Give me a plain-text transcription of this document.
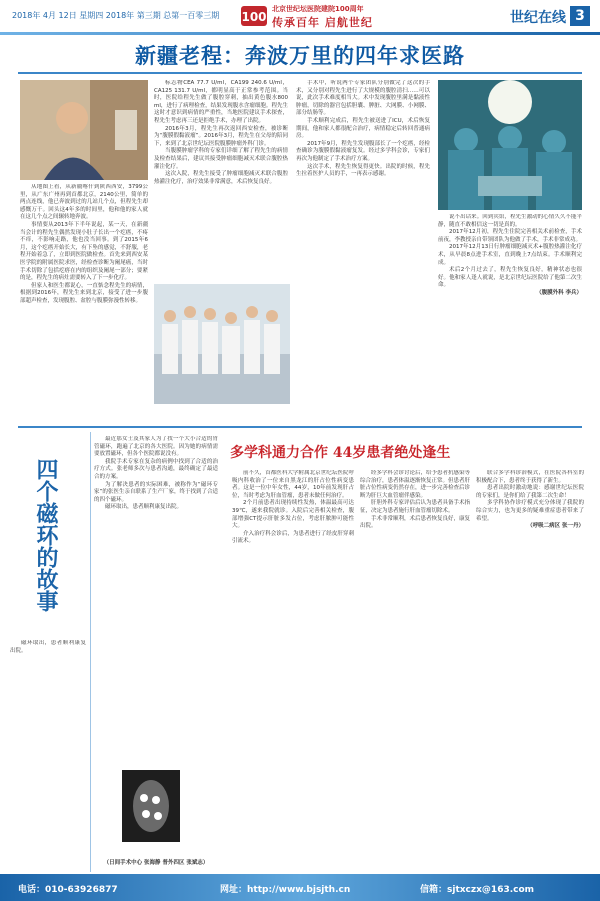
2018年 4月 12日 星期四 2018年 第三期 总第一百零三期 100
北京世纪坛医院建院100周年
传承百年 启航世纪	世纪在线 3
新疆老程：奔波万里的四年求医路

从地图上看，从新疆喀什到陕西西安，3799公里，从广东广州再到首都北京，2140公里，简单的两点连线，他已奔波到过的几站几个点，但程先生却感慨万千。回头这4年多的时间里，他和他的家人就在这几个点之间辗转地奔波。

事情要从2013年下半年说起，某一天，在新疆当会计的程先生偶然发现小肚子长出一个疙瘩，不疼不痒，不影响走路，他也没当回事。到了2015年6月，这个疙瘩开始长大，有下坠的感觉，不舒服，老程开始着急了，立即到医院做检查。首先来到西安某医学院的附属医院求医，经检查诊断为阑尾癌，当时手术切除了包括疙瘩在内的组织及阑尾一部分；要紧的是，程先生的病灶需要转入了下一步化疗。

但家人和医生都说心，一直惦念程先生的病情，根据到2016年，程先生来到北京，接受了进一步腹部超声检查，发现腹腔、盆腔与腹膜弥漫性转移。

标志物CEA 77.7 U/ml，CA199 240.6 U/ml，CA125 131.7 U/ml，都明显高于正常参考范围。当时，医院给程先生做了腹腔穿刺，抽出黄色腹水800 ml，进行了病理检查，结果发现腹水含瘤细胞。程先生这时才意识到病情的严重性，当地医院建议手术探查，程先生考虑再三还是拒绝手术，办理了出院。

2016年3月，程先生再次返回西安检查，被诊断为“腹膜假黏液瘤”。2016年3月，程先生在父母的陪同下，来到了北京世纪坛医院腹膜肿瘤外科门诊。

当腹膜肿瘤学科的专家们详细了解了程先生的病情及检查结果后，建议其接受肿瘤细胞减灭术联合腹腔热灌注化疗。

这次入院，程先生接受了肿瘤细胞减灭术联合腹腔热灌注化疗，治疗效果非常满意，术后恢复良好。

手术中，听说两个专家团队分别做完了这次的手术，又分别对程先生进行了大规模的腹腔清扫……可以说，此次手术难度相当大。术中发现腹腔里满是黏液性肿瘤，切除的器官包括胆囊、脾脏、大网膜、小网膜、部分结肠等。

手术顺利完成后，程先生被送进了ICU，术后恢复期间，他和家人都很配合治疗，病情稳定后转回普通病房。

2017年9月，程先生发现腹部长了一个疙瘩，经检查确诊为腹膜假黏液瘤复发。经过多学科会诊，专家们再次为他制定了手术治疗方案。

这次手术，程先生恢复得更快。出院的时候，程先生拉着医护人员的手，一再表示感谢。

说不出话来。回到宾馆，程先生激动的心情久久不能平静，随直不敢相信这一切是真的。

2017年12月初，程先生住院完善相关术前检查，手术前夜，李教授亲自带领团队为他做了手术，手术非常成功。

2017年12月13日行肿瘤细胞减灭术+腹腔热灌注化疗术，从早晨8点进手术室，直到晚上7点结束。手术顺利完成。

术后2个月过去了，程先生恢复良好，精神状态也很好。他和家人逢人就说，是北京世纪坛医院给了他第二次生命。

（腹膜外科 李兵）

四个磁环的故事

最近那女士及其家人为了找一个大小合适的胃管磁环，跑遍了北京的各大医院。因为她的病情需要放置磁环，但各个医院都说没有。

我院手术专家在复杂的病例中找到了合适的治疗方式。张老师多次与患者沟通，最终确定了最适合的方案。

为了解决患者的实际困难，被称作为“磁环专家”的张医生亲自联系了生产厂家，终于找到了合适的四个磁环。

磁环取出，患者顺利康复出院。

磁环取出，患者顺利康复出院。

（日间手术中心 张海静 普外四区 张斌志）
多学科通力合作 44岁患者绝处逢生

前不久，首都医科大学附属北京世纪坛医院呼吸内科收治了一位来自黑龙江的肝占位性病变患者。这是一位中年女性，44岁，10年前发现肝占位，当时考虑为肝血管瘤，患者未做任何治疗。

2个月前患者出现持续性发热，体温最高可达39℃，遂来我院就诊。入院后完善相关检查，腹部增强CT提示肝脏多发占位，考虑肝脓肿可能性大。

介入治疗科会诊后，为患者进行了经皮肝穿刺引流术。

经多学科会诊讨论后，给予患者抗感染等综合治疗，患者体温逐渐恢复正常。但患者肝脏占位性病变仍然存在，进一步完善检查后诊断为肝巨大血管瘤伴感染。

肝胆外科专家评估后认为患者具备手术指征，决定为患者施行肝血管瘤切除术。

手术非常顺利，术后患者恢复良好，康复出院。

联合多学科诊治模式，在医院各科室的积极配合下，患者终于获得了新生。

患者出院时激动地说：感谢世纪坛医院的专家们，是你们给了我第二次生命！

多学科协作诊疗模式充分体现了我院的综合实力，也为更多的疑难重症患者带来了希望。

（呼吸二病区 张一丹）

电话：010-63926877	网址：http://www.bjsjth.cn	信箱：sjtxczx@163.com
